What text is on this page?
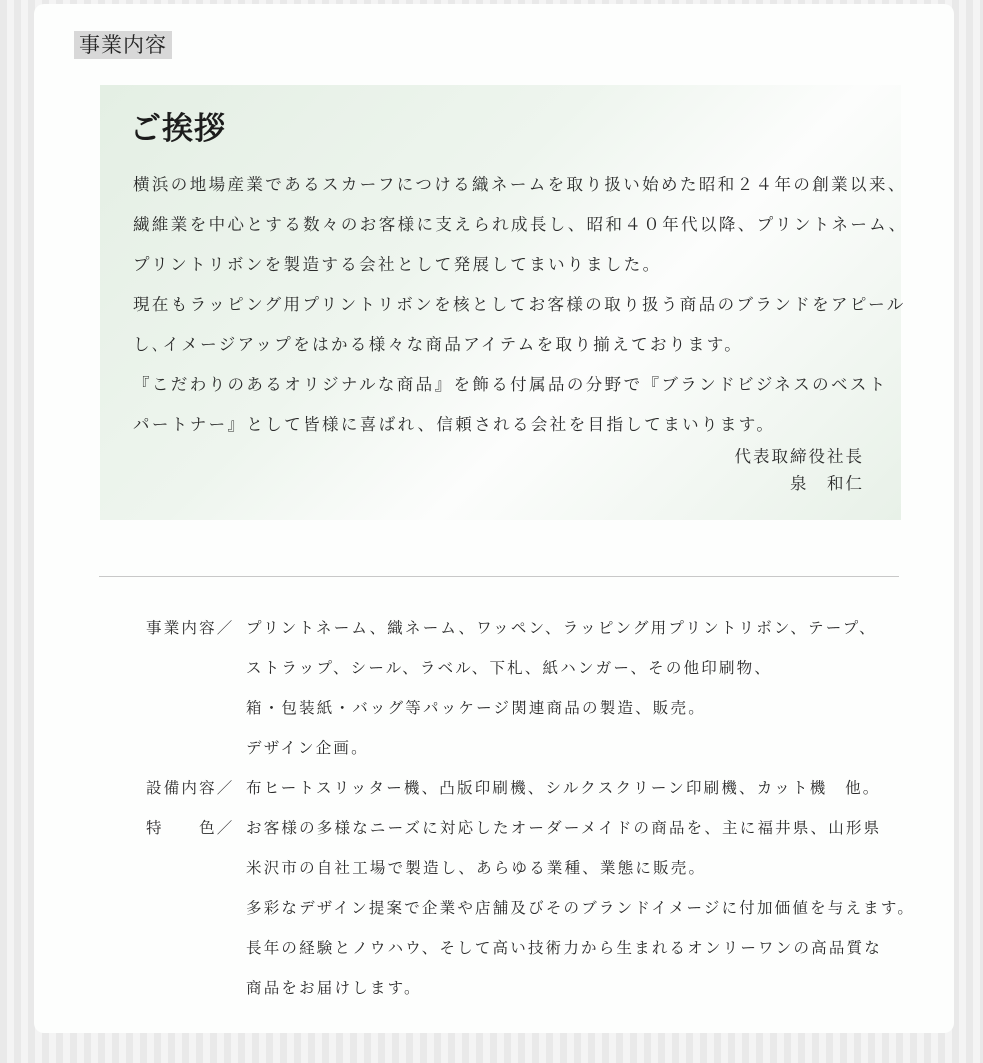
事業内容
ご挨拶

横浜の地場産業であるスカーフにつける織ネームを取り扱い始めた昭和２４年の創業以来、

繊維業を中心とする数々のお客様に支えられ成長し、昭和４０年代以降、プリントネーム、

プリントリボンを製造する会社として発展してまいりました。

現在もラッピング用プリントリボンを核としてお客様の取り扱う商品のブランドをアピール

し､イメージアップをはかる様々な商品アイテムを取り揃えております。

『こだわりのあるオリジナルな商品』を飾る付属品の分野で『ブランドビジネスのベスト

パートナー』として皆様に喜ばれ、信頼される会社を目指してまいります。

代表取締役社長
泉　和仁
事業内容／ プリントネーム、織ネーム、ワッペン、ラッピング用プリントリボン、テープ、
ストラップ、シール、ラベル、下札、紙ハンガー、その他印刷物、
箱・包装紙・バッグ等パッケージ関連商品の製造、販売。
デザイン企画。
設備内容／ 布ヒートスリッター機、凸版印刷機、シルクスクリーン印刷機、カット機　他。
特　　色／ お客様の多様なニーズに対応したオーダーメイドの商品を、主に福井県、山形県
米沢市の自社工場で製造し、あらゆる業種、業態に販売。
多彩なデザイン提案で企業や店舗及びそのブランドイメージに付加価値を与えます。
長年の経験とノウハウ、そして高い技術力から生まれるオンリーワンの高品質な
商品をお届けします。
